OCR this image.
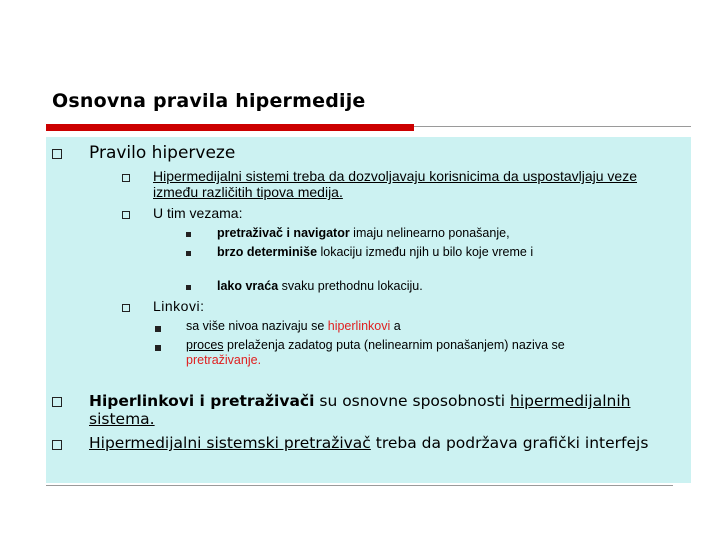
Osnovna pravila hipermedije
Pravilo hiperveze
Hipermedijalni sistemi treba da dozvoljavaju korisnicima da uspostavljaju veze između različitih tipova medija.
U tim vezama:
pretraživač i navigator imaju nelinearno ponašanje,
brzo determiniše lokaciju između njih u bilo koje vreme i
lako vraća svaku prethodnu lokaciju.
Linkovi:
sa više nivoa nazivaju se hiperlinkovi a
proces prelaženja zadatog puta (nelinearnim ponašanjem) naziva se pretraživanje.
Hiperlinkovi i pretraživači su osnovne sposobnosti hipermedijalnih sistema.
Hipermedijalni sistemski pretraživač treba da podržava grafički interfejs
